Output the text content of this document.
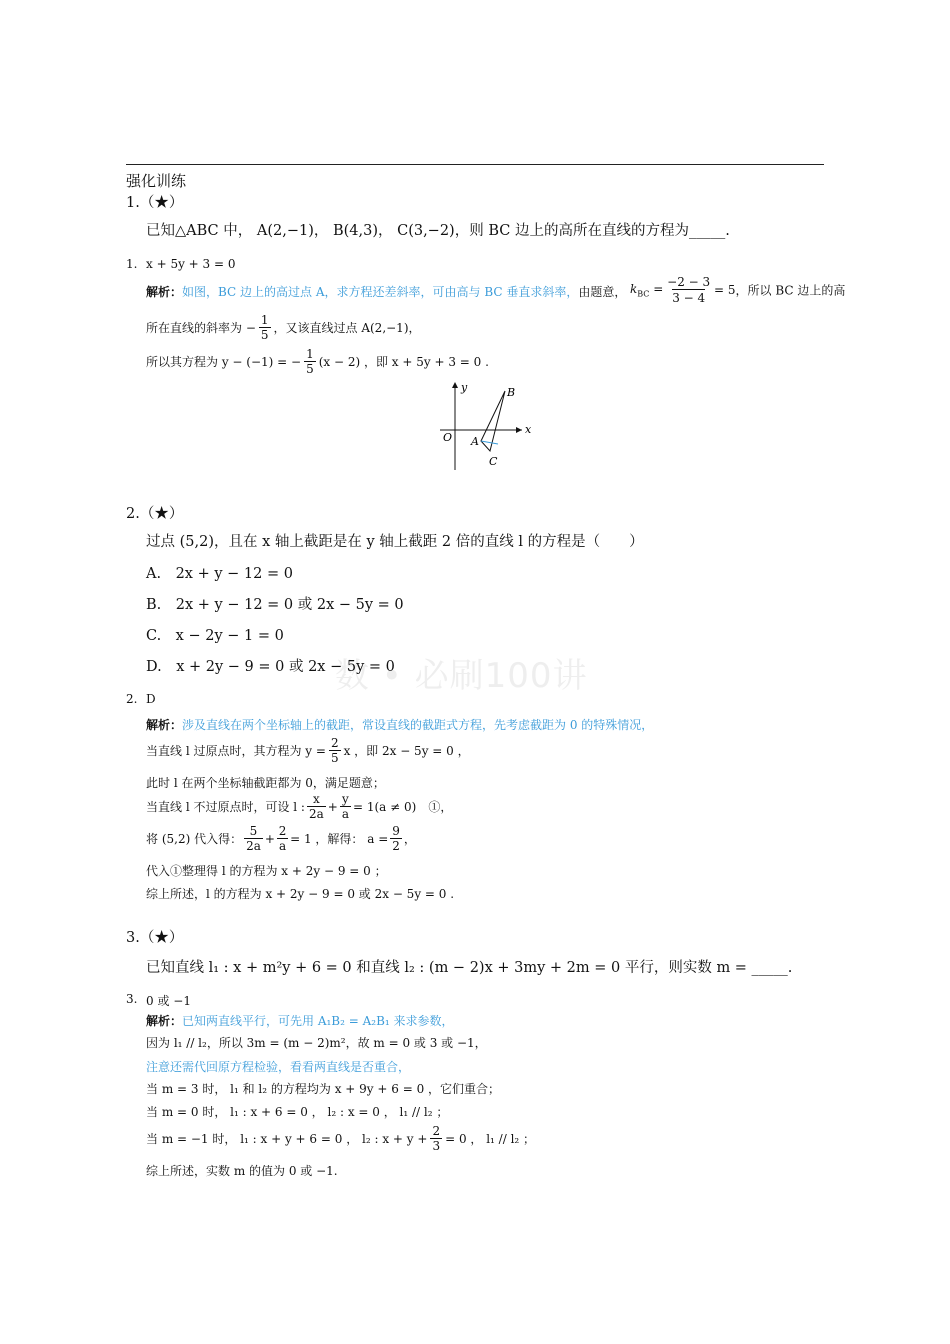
数 • 必刷100讲
强化训练
1.（★）
已知△ABC 中， A(2,−1)， B(4,3)， C(3,−2)，则 BC 边上的高所在直线的方程为_____.
1. x + 5y + 3 = 0
解析：如图，BC 边上的高过点 A，求方程还差斜率，可由高与 BC 垂直求斜率，由题意， $k_{BC} = \frac{-2 - 3}{3 - 4} = 5$，所以 BC 边上的高
所在直线的斜率为 − $\frac{1}{5}$ ，又该直线过点 A(2,−1)，
所以其方程为 y − (−1) = − $\frac{1}{5} (x - 2)$ ，即 x + 5y + 3 = 0 .
y
x
O A
B
C
2.（★）
过点 (5,2)，且在 x 轴上截距是在 y 轴上截距 2 倍的直线 l 的方程是（　　）
A.　2x + y − 12 = 0
B.　2x + y − 12 = 0 或 2x − 5y = 0
C.　x − 2y − 1 = 0
D.　x + 2y − 9 = 0 或 2x − 5y = 0
2. D
解析：涉及直线在两个坐标轴上的截距，常设直线的截距式方程，先考虑截距为 0 的特殊情况，
当直线 l 过原点时，其方程为 $y = \frac{2}{5}$ x ，即 2x − 5y = 0 ，
此时 l 在两个坐标轴截距都为 0，满足题意；
当直线 l 不过原点时，可设 l : $\frac{x}{2a} + \frac{y}{a} = 1(a \ne 0)$　①，
将 (5,2) 代入得： $\frac{5}{2a} + \frac{2}{a} = 1$ ，解得： $a = \frac{9}{2}$ ，
代入①整理得 l 的方程为 x + 2y − 9 = 0 ；
综上所述，l 的方程为 x + 2y − 9 = 0 或 2x − 5y = 0 .
3.（★）
已知直线 l₁ : x + m²y + 6 = 0 和直线 l₂ : (m − 2)x + 3my + 2m = 0 平行，则实数 m = _____.
3. 0 或 −1
解析：已知两直线平行，可先用 A₁B₂ = A₂B₁ 来求参数，
因为 l₁ // l₂，所以 3m = (m − 2)m²，故 m = 0 或 3 或 −1，
注意还需代回原方程检验，看看两直线是否重合，
当 m = 3 时， l₁ 和 l₂ 的方程均为 x + 9y + 6 = 0 ，它们重合；
当 m = 0 时， l₁ : x + 6 = 0 ， l₂ : x = 0 ， l₁ // l₂ ；
当 m = −1 时， l₁ : x + y + 6 = 0 ， l₂ : $x + y + \frac{2}{3} = 0$ ， l₁ // l₂ ；
综上所述，实数 m 的值为 0 或 −1.
